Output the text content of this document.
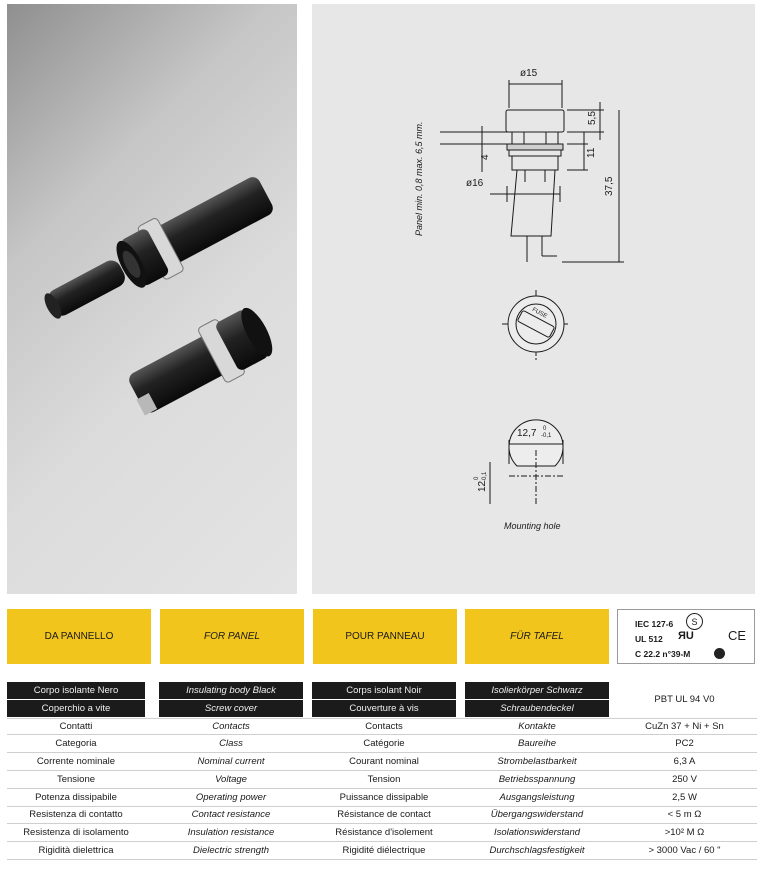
ø15
ø16
5,5
4	11
37,5
Panel min. 0,8 max. 6,5 mm.
FUSE
12,7 0
-0,1
12
0 -0,1
Mounting hole
DA PANNELLO	FOR PANEL	POUR PANNEAU	FÜR TAFEL
IEC 127-6
UL 512
C 22.2 n°39-M
S
ЯU	CE
Corpo isolante Nero	Insulating body Black	Corps isolant Noir	Isolierkörper Schwarz
Coperchio a vite	Screw cover	Couverture à vis	Schraubendeckel
Contatti	Contacts	Contacts	Kontakte	CuZn 37 + Ni + Sn
Categoria	Class	Catégorie	Baureihe	PC2
Corrente nominale	Nominal current	Courant nominal	Strombelastbarkeit	6,3 A
Tensione	Voltage	Tension	Betriebsspannung	250 V
Potenza dissipabile	Operating power	Puissance dissipable	Ausgangsleistung	2,5 W
Resistenza di contatto	Contact resistance	Résistance de contact	Übergangswiderstand	< 5 m Ω
Resistenza di isolamento	Insulation resistance	Résistance d'isolement	Isolationswiderstand	>10² M Ω
Rigidità dielettrica	Dielectric strength	Rigidité diélectrique	Durchschlagsfestigkeit	> 3000 Vac / 60 "
PBT UL 94 V0
